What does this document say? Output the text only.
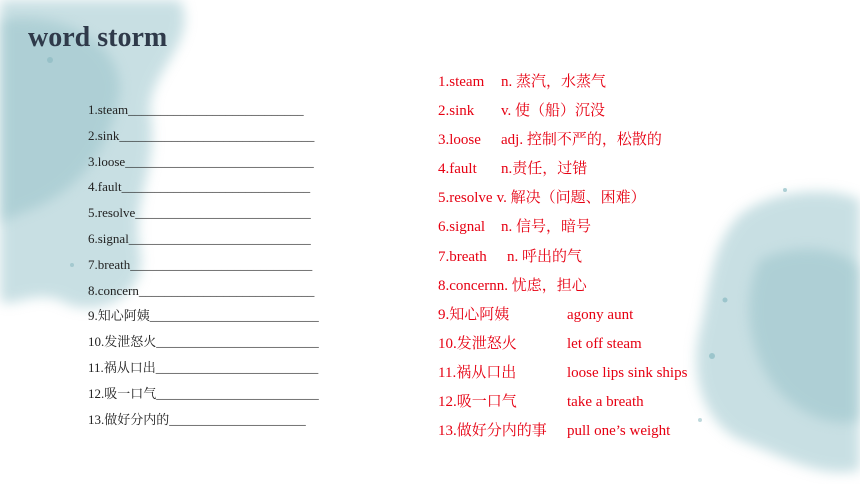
word storm
1.steam___________________________
2.sink______________________________
3.loose_____________________________
4.fault_____________________________
5.resolve___________________________
6.signal____________________________
7.breath____________________________
8.concern___________________________
9.知心阿姨__________________________
10.发泄怒火_________________________
11.祸从口出_________________________
12.吸一口气_________________________
13.做好分内的_____________________
1.steam n. 蒸汽，水蒸气
2.sink v. 使（船）沉没
3.loose adj. 控制不严的，松散的
4.fault n.责任，过错
5.resolve v. 解决（问题、困难）
6.signal n. 信号，暗号
7.breath n. 呼出的气
8.concernn. 忧虑，担心
9.知心阿姨	agony aunt
10.发泄怒火	let off steam
11.祸从口出	loose lips sink ships
12.吸一口气	take a breath
13.做好分内的事 pull one’s weight
